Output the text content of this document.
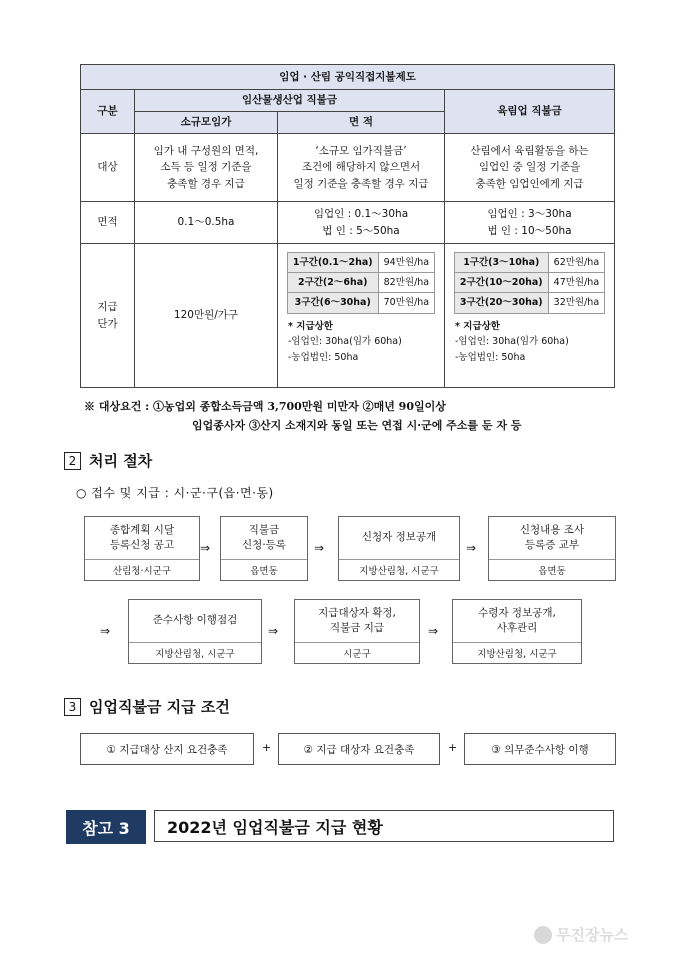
임업 · 산림 공익직접지불제도
구분	임산물생산업 직불금	육림업 직불금
소규모임가	면 적
대상	
임가 내 구성원의 면적,
소득 등 일정 기준을
충족할 경우 지급

‘소규모 임가직불금’
조건에 해당하지 않으면서
일정 기준을 충족할 경우 지급

산림에서 육림활동을 하는
임업인 중 일정 기준을
충족한 임업인에게 지급

면적	0.1～0.5ha	
임업인 : 0.1～30ha
법 인 : 5～50ha

임업인 : 3～30ha
법 인 : 10～50ha

지급
단가
	120만원/가구	
1구간(0.1～2ha)	94만원/ha
2구간(2～6ha)	82만원/ha
3구간(6～30ha)	70만원/ha
* 지급상한
-임업인: 30ha(임가 60ha)
-농업법인: 50ha

1구간(3～10ha)	62만원/ha
2구간(10～20ha)	47만원/ha
3구간(20～30ha)	32만원/ha
* 지급상한
-임업인: 30ha(임가 60ha)
-농업법인: 50ha
※ 대상요건 : ①농업외 종합소득금액 3,700만원 미만자 ②매년 90일이상
임업종사자 ③산지 소재지와 동일 또는 연접 시·군에 주소를 둔 자 등
2 처리 절차
○ 접수 및 지급 : 시·군·구(읍·면·동)
종합계획 시달
등록신청 공고
산림청·시군구
⇒
직불금
신청·등록
읍면동
⇒
신청자 정보공개
지방산림청, 시군구
⇒
신청내용 조사
등록증 교부
읍면동
⇒
준수사항 이행점검
지방산림청, 시군구
⇒
지급대상자 확정,
직불금 지급
시군구
⇒
수령자 정보공개,
사후관리
지방산림청, 시군구
3 임업직불금 지급 조건
① 지급대상 산지 요건충족	+	② 지급 대상자 요건충족	+	③ 의무준수사항 이행
참고 3	2022년 임업직불금 지급 현황
무진장뉴스
